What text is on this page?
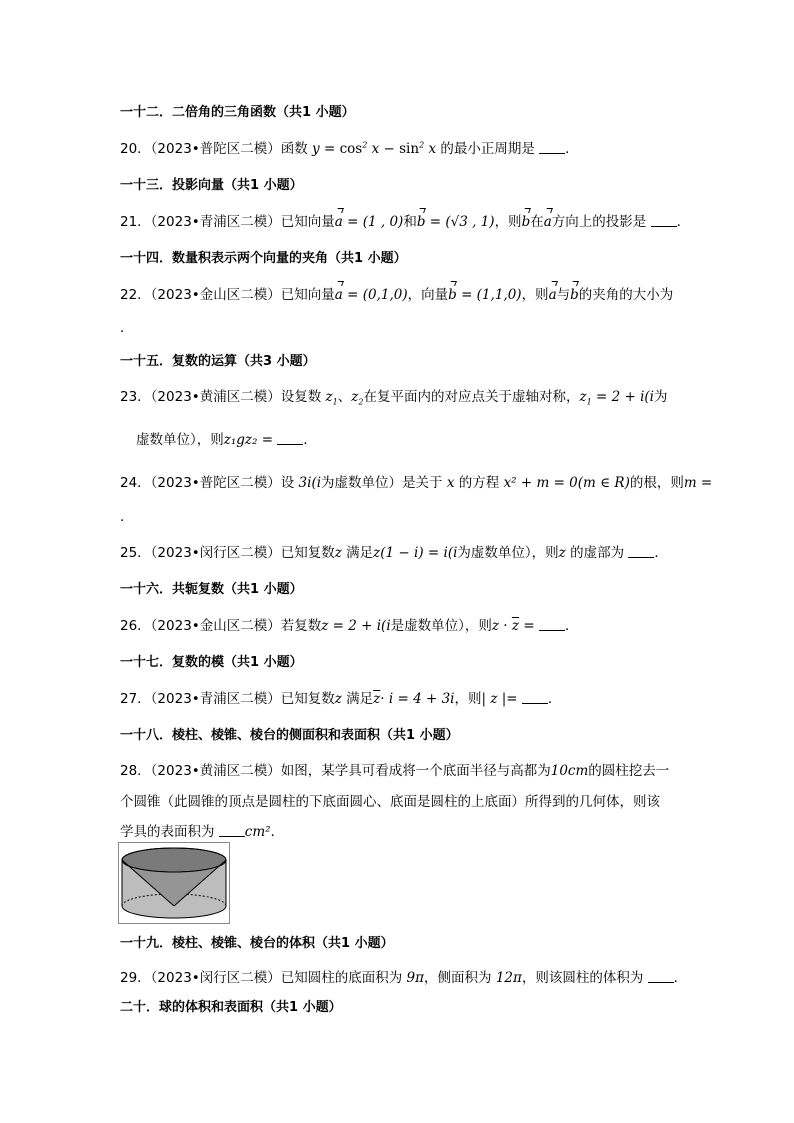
一十二．二倍角的三角函数（共1 小题）
20．（2023•普陀区二模）函数 $y = \cos^2 x - \sin^2 x$ 的最小正周期是 ．
一十三．投影向量（共1 小题）
21．（2023•青浦区二模）已知向量a = (1 , 0)和b = (√3 , 1)，则b在a方向上的投影是 ．
一十四．数量积表示两个向量的夹角（共1 小题）
22．（2023•金山区二模）已知向量a = (0,1,0)，向量b = (1,1,0)，则a与b的夹角的大小为
．
一十五．复数的运算（共3 小题）
23．（2023•黄浦区二模）设复数 $z_1$、$z_2$在复平面内的对应点关于虚轴对称，$z_1 = 2 + i(i$为
虚数单位），则z₁gz₂ = ．
24．（2023•普陀区二模）设 3i(i为虚数单位）是关于 x 的方程 x² + m = 0(m ∈ R)的根，则m =
．
25．（2023•闵行区二模）已知复数z 满足z(1 − i) = i(i为虚数单位），则z 的虚部为 ．
一十六．共轭复数（共1 小题）
26．（2023•金山区二模）若复数z = 2 + i(i是虚数单位），则$z \cdot \overline{z}$ = ．
一十七．复数的模（共1 小题）
27．（2023•青浦区二模）已知复数z 满足$\overline{z}\cdot i = 4 + 3i$，则| z |= ．
一十八．棱柱、棱锥、棱台的侧面积和表面积（共1 小题）
28．（2023•黄浦区二模）如图，某学具可看成将一个底面半径与高都为10cm的圆柱挖去一
个圆锥（此圆锥的顶点是圆柱的下底面圆心、底面是圆柱的上底面）所得到的几何体，则该
学具的表面积为 cm²．
一十九．棱柱、棱锥、棱台的体积（共1 小题）
29．（2023•闵行区二模）已知圆柱的底面积为 9π，侧面积为 12π，则该圆柱的体积为 ．
二十．球的体积和表面积（共1 小题）
